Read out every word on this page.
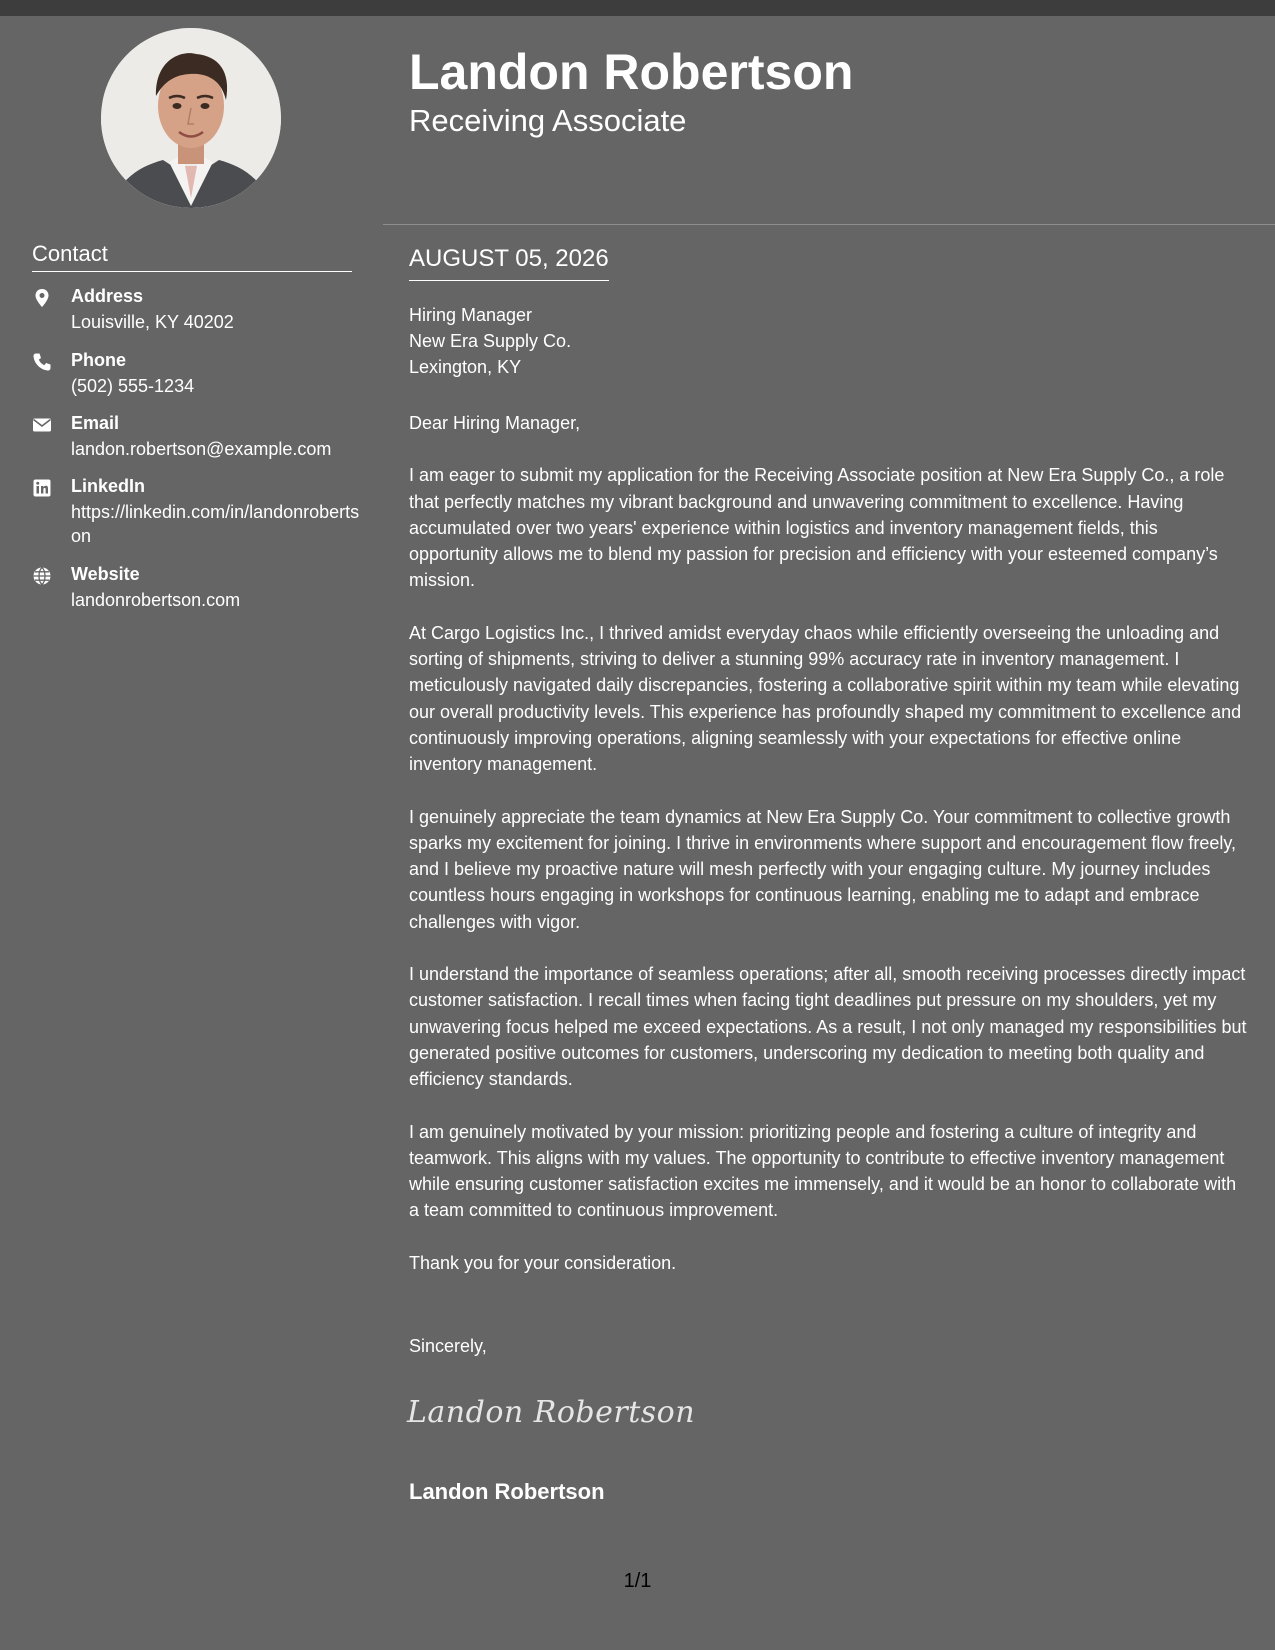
Contact
Address
Louisville, KY 40202
Phone
(502) 555-1234
Email
landon.robertson@example.com
LinkedIn
https://linkedin.com/in/landonrobertson
Website
landonrobertson.com
Landon Robertson
Receiving Associate
AUGUST 05, 2026
Hiring Manager
New Era Supply Co.
Lexington, KY

Dear Hiring Manager,

I am eager to submit my application for the Receiving Associate position at New Era Supply Co., a role that perfectly matches my vibrant background and unwavering commitment to excellence. Having accumulated over two years' experience within logistics and inventory management fields, this opportunity allows me to blend my passion for precision and efficiency with your esteemed company’s mission.

At Cargo Logistics Inc., I thrived amidst everyday chaos while efficiently overseeing the unloading and sorting of shipments, striving to deliver a stunning 99% accuracy rate in inventory management. I meticulously navigated daily discrepancies, fostering a collaborative spirit within my team while elevating our overall productivity levels. This experience has profoundly shaped my commitment to excellence and continuously improving operations, aligning seamlessly with your expectations for effective online inventory management.

I genuinely appreciate the team dynamics at New Era Supply Co. Your commitment to collective growth sparks my excitement for joining. I thrive in environments where support and encouragement flow freely, and I believe my proactive nature will mesh perfectly with your engaging culture. My journey includes countless hours engaging in workshops for continuous learning, enabling me to adapt and embrace challenges with vigor.

I understand the importance of seamless operations; after all, smooth receiving processes directly impact customer satisfaction. I recall times when facing tight deadlines put pressure on my shoulders, yet my unwavering focus helped me exceed expectations. As a result, I not only managed my responsibilities but generated positive outcomes for customers, underscoring my dedication to meeting both quality and efficiency standards.

I am genuinely motivated by your mission: prioritizing people and fostering a culture of integrity and teamwork. This aligns with my values. The opportunity to contribute to effective inventory management while ensuring customer satisfaction excites me immensely, and it would be an honor to collaborate with a team committed to continuous improvement.

Thank you for your consideration.

Sincerely,
Landon Robertson
Landon Robertson
1/1
